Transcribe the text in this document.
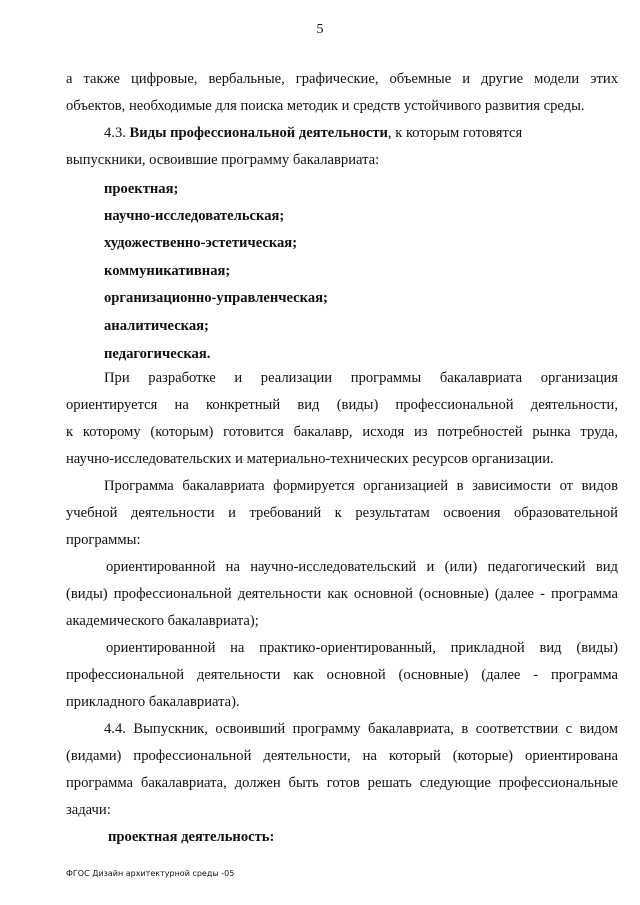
5
а также цифровые, вербальные, графические, объемные и другие модели этих
объектов, необходимые для поиска методик и средств устойчивого развития среды.
4.3. Виды профессиональной деятельности, к которым готовятся
выпускники, освоившие программу бакалавриата:
проектная;
научно-исследовательская;
художественно-эстетическая;
коммуникативная;
организационно-управленческая;
аналитическая;
педагогическая.
При разработке и реализации программы бакалавриата организация
ориентируется на конкретный вид (виды) профессиональной деятельности,
к которому (которым) готовится бакалавр, исходя из потребностей рынка труда,
научно-исследовательских и материально-технических ресурсов организации.
Программа бакалавриата формируется организацией в зависимости от видов
учебной деятельности и требований к результатам освоения образовательной
программы:
ориентированной на научно-исследовательский и (или) педагогический вид
(виды) профессиональной деятельности как основной (основные) (далее - программа
академического бакалавриата);
ориентированной на практико-ориентированный, прикладной вид (виды)
профессиональной деятельности как основной (основные) (далее - программа
прикладного бакалавриата).
4.4. Выпускник, освоивший программу бакалавриата, в соответствии с видом
(видами) профессиональной деятельности, на который (которые) ориентирована
программа бакалавриата, должен быть готов решать следующие профессиональные
задачи:
проектная деятельность:
ФГОС Дизайн архитектурной среды -05
